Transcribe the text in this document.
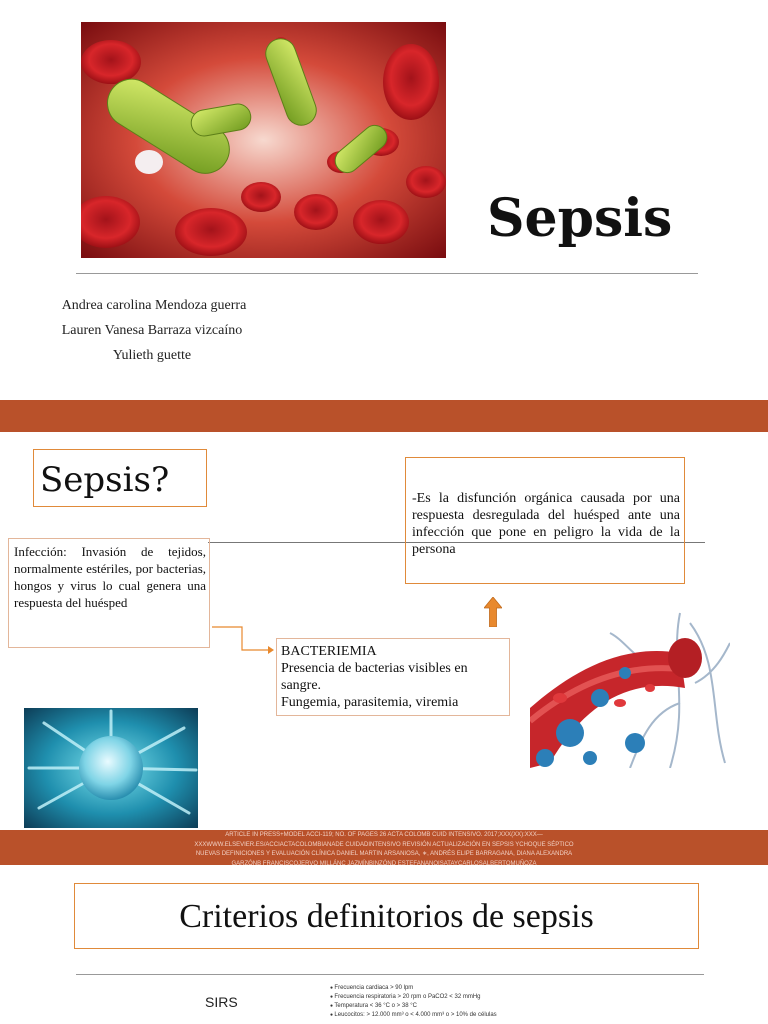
Sepsis
Andrea carolina Mendoza guerra
Lauren Vanesa Barraza vizcaíno
Yulieth guette
Sepsis?	-Es la disfunción orgánica causada por una respuesta desregulada del huésped ante una infección que pone en peligro la vida de la persona

Infección: Invasión de tejidos, normalmente estériles, por bacterias, hongos y virus lo cual genera una respuesta del huésped

BACTERIEMIA
Presencia de bacterias visibles en
sangre.
Fungemia, parasitemia, viremia
ARTICLE IN PRESS+MODEL ACCI-119; NO. OF PAGES 26 ACTA COLOMB CUID INTENSIVO. 2017;XXX(XX):XXX—
XXXWWW.ELSEVIER.ES/ACCIACTACOLOMBIANADE CUIDADINTENSIVO REVISIÓN ACTUALIZACIÓN EN SEPSIS YCHOQUE SÉPTICO
NUEVAS DEFINICIONES Y EVALUACIÓN CLÍNICA DANIEL MARTIN ARSANIOSA, ∗, ANDRÉS ELIPE BARRAGANA, DIANA ALEXANDRA
GARZÓNB FRANCISCOJERVO MILLÁNC JAZMÍNBINZÓND ESTEFANANOISATAYCARLOSALBERTOMUÑOZA
Criterios definitorios de sepsis
SIRS
● Frecuencia cardiaca > 90 lpm
● Frecuencia respiratoria > 20 rpm o PaCO2 < 32 mmHg
● Temperatura < 36 °C o > 38 °C
● Leucocitos: > 12.000 mm³ o < 4.000 mm³ o > 10% de células
